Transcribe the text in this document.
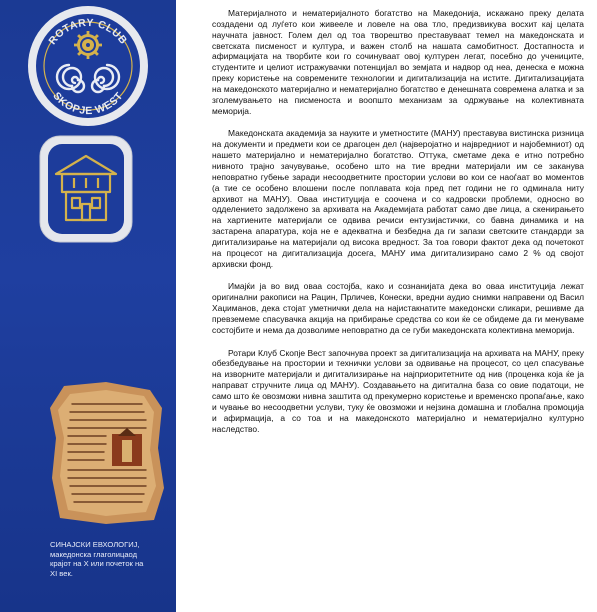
ROTARY CLUB
SKOPJE WEST
СИНАЈСКИ ЕВХОЛОГИЈ,
македонска глаголицаод
крајот на X или почеток на
XI век.

Материјалното и нематеријалното богатство на Македонија, искажано преку делата создадени од луѓето кои живееле и ловеле на ова тло, предизвикува восхит кај целата научната јавност. Голем дел од тоа творештво преставуваат темел на македонската и светската писменост и култура, и важен столб на нашата самобитност. Достапноста и афирмацијата на творбите кои го сочинуваат овој културен легат, посебно до учениците, студентите и целиот истражувачки потенцијал во земјата и надвор од неа, денеска е можна преку користење на современите технологии и дигитализација на истите. Дигитализацијата на македонското материјално и нематеријално богатство е денешната современа алатка и за зголемувањето на писменоста и воопшто механизам за одржување на колективната меморија.

Македонската академија за науките и уметностите (МАНУ) преставува вистинска ризница на документи и предмети кои се драгоцен дел (највероjатно и највредниот и најобемниот) од нашето материјално и нематеријално богатство. Оттука, сметаме дека е итно потребно нивното трајно зачувување, особено што на тие вредни материјали им се заканува неповратно губење заради несоодветните простории услови во кои се наоѓаат во моментов (а тие се особено влошени после поплавата која пред пет години не го одминала ниту архивот на МАНУ). Оваа институција е соочена и со кадровски проблеми, односно во одделението задолжено за архивата на Академијата работат само две лица, а скенирањето на хартиените материјали се одвива речиси ентузијастички, со бавна динамика и на застарена апаратура, која не е адекватна и безбедна да ги запази светските стандарди за дигитализирање на материјали од висока вредност. За тоа говори фактот дека од почетокот на процесот на дигитализација досега, МАНУ има дигитализирано само 2 % од својот архивски фонд.

Имајќи ја во вид оваа состојба, како и сознанијата дека во оваа институција лежат оригинални ракописи на Рацин, Прличев, Конески, вредни аудио снимки направени од Васил Хаџиманов, дека стојат уметнички дела на најистакнатите македонски сликари, решивме да превземеме спасувачка акција на прибирање средства со кои ќе се обидеме да ги менуваме состојбите и нема да дозволиме неповратно да се губи македонската колективна меморија.

Ротари Клуб Скопје Вест започнува проект за дигитализација на архивата на МАНУ, преку обезбедување на простории и технички услови за одвивање на процесот, со цел спасување на изворните материјали и дигитализирање на најприоритетните од нив (проценка која ќе ја направат стручните лица од МАНУ). Создавањето на дигитална база со овие податоци, не само што ќе овозможи нивна заштита од прекумерно користење и временско пропаѓање, како и чување во несоодветни услуви, туку ќе овозможи и нејзина домашна и глобална промоција и афирмација, а со тоа и на македонското материјално и нематеријално културно наследство.
